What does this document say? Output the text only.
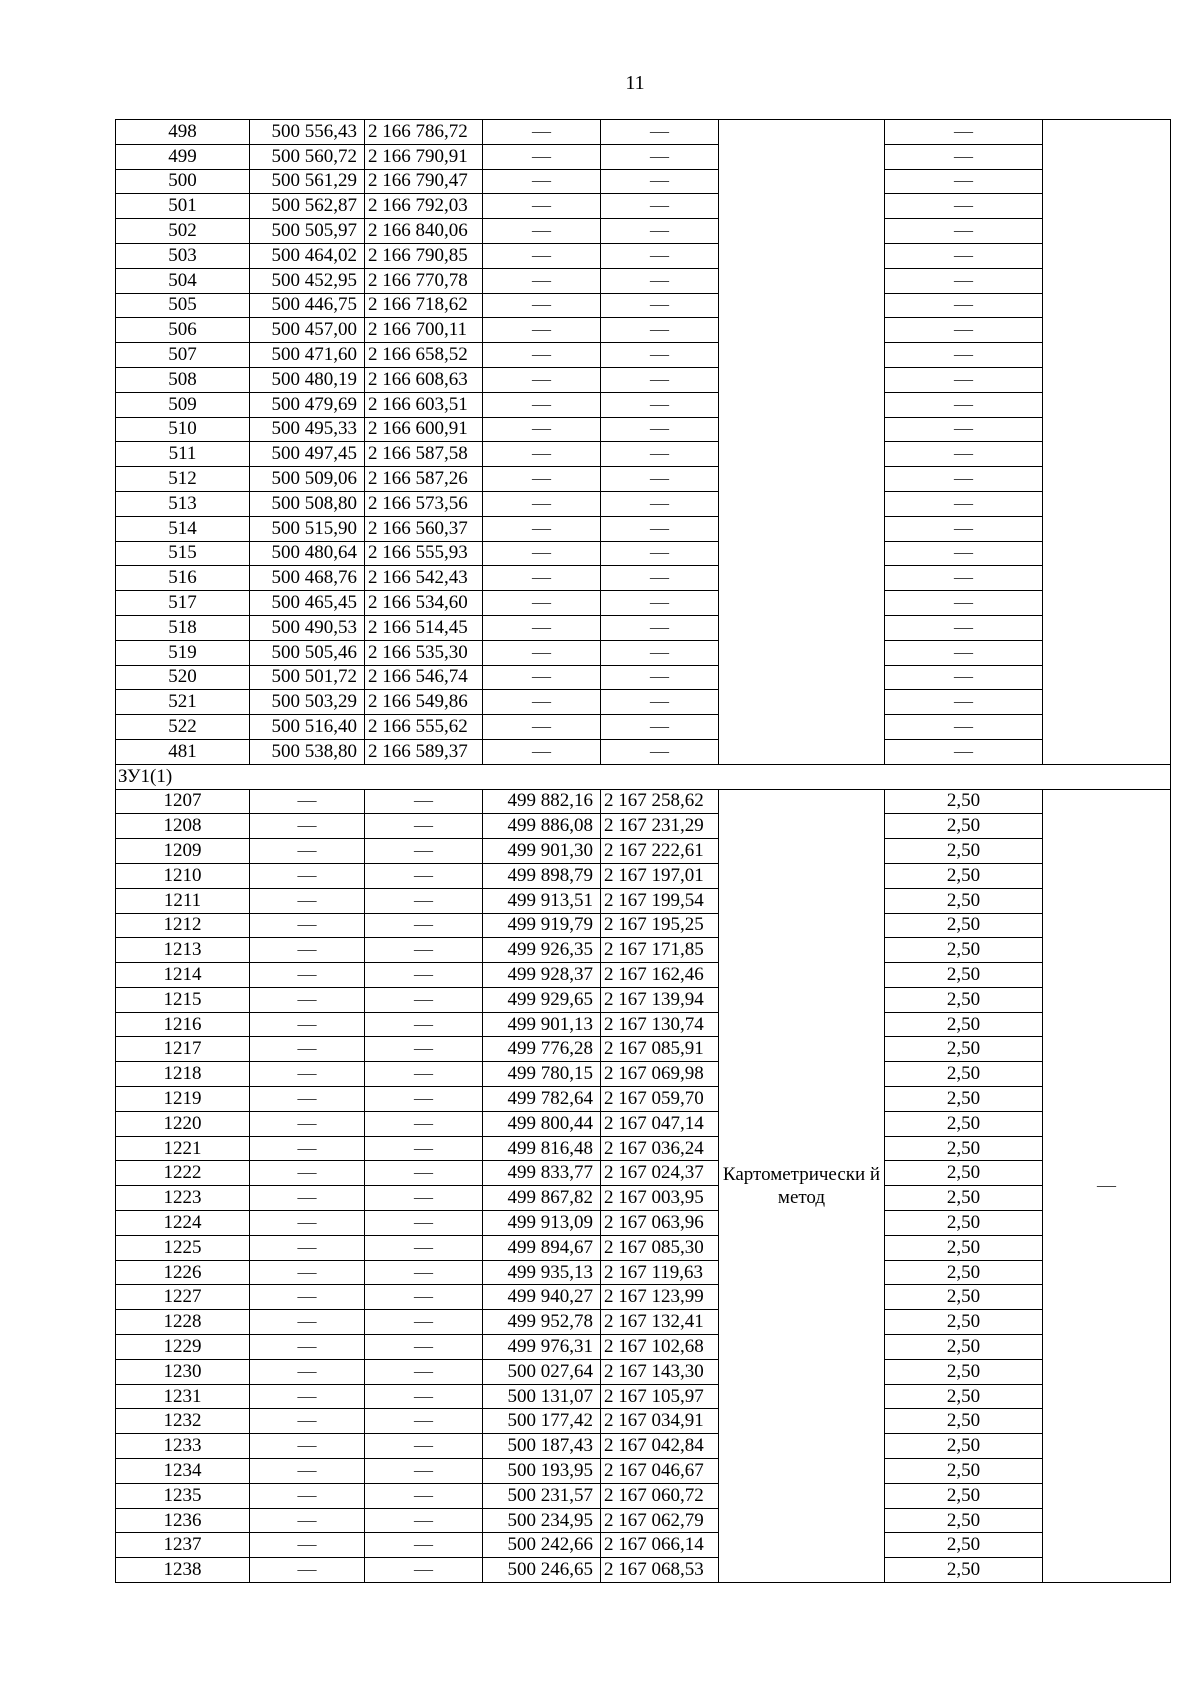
11
498	500 556,43	2 166 786,72	—	—		—	
499	500 560,72	2 166 790,91	—	—		—	
500	500 561,29	2 166 790,47	—	—		—	
501	500 562,87	2 166 792,03	—	—		—	
502	500 505,97	2 166 840,06	—	—		—	
503	500 464,02	2 166 790,85	—	—		—	
504	500 452,95	2 166 770,78	—	—		—	
505	500 446,75	2 166 718,62	—	—		—	
506	500 457,00	2 166 700,11	—	—		—	
507	500 471,60	2 166 658,52	—	—		—	
508	500 480,19	2 166 608,63	—	—		—	
509	500 479,69	2 166 603,51	—	—		—	
510	500 495,33	2 166 600,91	—	—		—	
511	500 497,45	2 166 587,58	—	—		—	
512	500 509,06	2 166 587,26	—	—		—	
513	500 508,80	2 166 573,56	—	—		—	
514	500 515,90	2 166 560,37	—	—		—	
515	500 480,64	2 166 555,93	—	—		—	
516	500 468,76	2 166 542,43	—	—		—	
517	500 465,45	2 166 534,60	—	—		—	
518	500 490,53	2 166 514,45	—	—		—	
519	500 505,46	2 166 535,30	—	—		—	
520	500 501,72	2 166 546,74	—	—		—	
521	500 503,29	2 166 549,86	—	—		—	
522	500 516,40	2 166 555,62	—	—		—	
481	500 538,80	2 166 589,37	—	—		—	
ЗУ1(1)							
1207	—	—	499 882,16	2 167 258,62	Картометрически й метод	2,50	—
1208	—	—	499 886,08	2 167 231,29		2,50	
1209	—	—	499 901,30	2 167 222,61		2,50	
1210	—	—	499 898,79	2 167 197,01		2,50	
1211	—	—	499 913,51	2 167 199,54		2,50	
1212	—	—	499 919,79	2 167 195,25		2,50	
1213	—	—	499 926,35	2 167 171,85		2,50	
1214	—	—	499 928,37	2 167 162,46		2,50	
1215	—	—	499 929,65	2 167 139,94		2,50	
1216	—	—	499 901,13	2 167 130,74		2,50	
1217	—	—	499 776,28	2 167 085,91		2,50	
1218	—	—	499 780,15	2 167 069,98		2,50	
1219	—	—	499 782,64	2 167 059,70		2,50	
1220	—	—	499 800,44	2 167 047,14		2,50	
1221	—	—	499 816,48	2 167 036,24		2,50	
1222	—	—	499 833,77	2 167 024,37		2,50	
1223	—	—	499 867,82	2 167 003,95		2,50	
1224	—	—	499 913,09	2 167 063,96		2,50	
1225	—	—	499 894,67	2 167 085,30		2,50	
1226	—	—	499 935,13	2 167 119,63		2,50	
1227	—	—	499 940,27	2 167 123,99		2,50	
1228	—	—	499 952,78	2 167 132,41		2,50	
1229	—	—	499 976,31	2 167 102,68		2,50	
1230	—	—	500 027,64	2 167 143,30		2,50	
1231	—	—	500 131,07	2 167 105,97		2,50	
1232	—	—	500 177,42	2 167 034,91		2,50	
1233	—	—	500 187,43	2 167 042,84		2,50	
1234	—	—	500 193,95	2 167 046,67		2,50	
1235	—	—	500 231,57	2 167 060,72		2,50	
1236	—	—	500 234,95	2 167 062,79		2,50	
1237	—	—	500 242,66	2 167 066,14		2,50	
1238	—	—	500 246,65	2 167 068,53		2,50	
